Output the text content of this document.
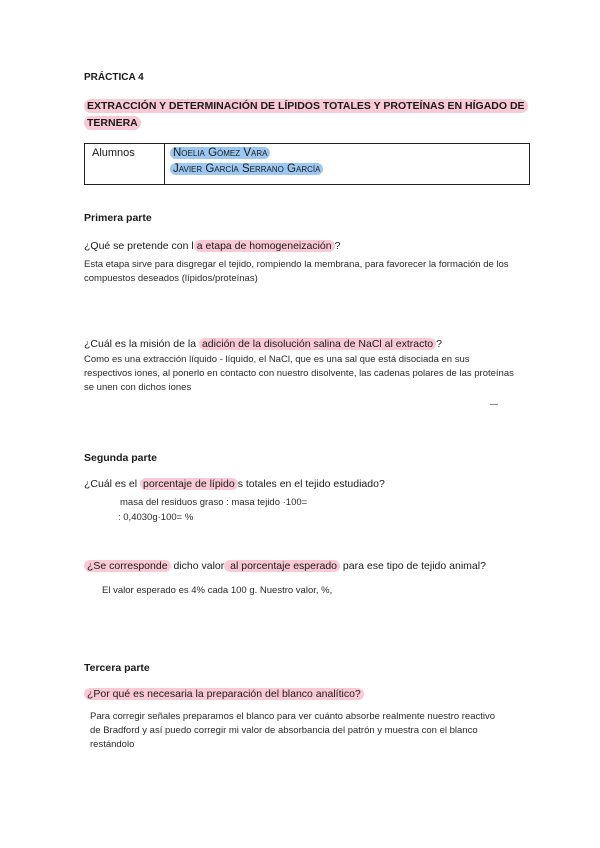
PRÁCTICA 4
EXTRACCIÓN Y DETERMINACIÓN DE LÍPIDOS TOTALES Y PROTEÍNAS EN HÍGADO DE
TERNERA
Alumnos	Noelia Gómez Vara
Javier García Serrano García
Primera parte
¿Qué se pretende con l a etapa de homogeneización ?
Esta etapa sirve para disgregar el tejido, rompiendo la membrana, para favorecer la formación de los compuestos deseados (lípidos/proteínas)
¿Cuál es la misión de la adición de la disolución salina de NaCl al extracto ?
Como es una extracción líquido - líquido, el NaCl, que es una sal que está disociada en sus respectivos iones, al ponerlo en contacto con nuestro disolvente, las cadenas polares de las proteínas se unen con dichos iones
Segunda parte
¿Cuál es el porcentaje de lípido s totales en el tejido estudiado?
masa del residuos graso : masa tejido ·100=
: 0,4030g·100= %
¿Se corresponde dicho valor al porcentaje esperado para ese tipo de tejido animal?
El valor esperado es 4% cada 100 g. Nuestro valor, %,
Tercera parte
¿Por qué es necesaria la preparación del blanco analítico?
Para corregir señales preparamos el blanco para ver cuánto absorbe realmente nuestro reactivo de Bradford y así puedo corregir mi valor de absorbancia del patrón y muestra con el blanco restándolo
